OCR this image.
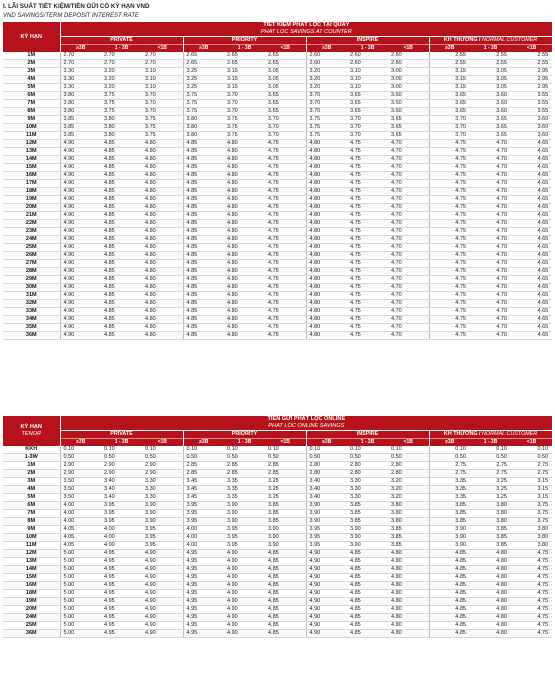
I. LÃI SUẤT TIẾT KIỆM/TIỀN GỬI CÓ KỲ HẠN VND
VND SAVINGS/TERM DEPOSIT INTEREST RATE
KỲ HẠN	TIẾT KIỆM PHÁT LỘC TẠI QUẦY
PHAT LOC SAVINGS AT COUNTER											

	PRIVATE			PRIORITY			INSPIRE			KH THƯỜNG / NORMAL CUSTOMER		
	≥3B	1 - 3B	<1B	≥3B	1 - 3B	<1B	≥3B	1 - 3B	<1B	≥3B	1 - 3B	<1B
1M	2.70	2.70	2.70	2.65	2.65	2.65	2.60	2.60	2.60	2.55	2.55	2.55
2M	2.70	2.70	2.70	2.65	2.65	2.65	2.60	2.60	2.60	2.55	2.55	2.55
3M	3.30	3.20	3.10	3.25	3.15	3.05	3.20	3.10	3.00	3.15	3.05	2.95
4M	3.30	3.20	3.10	3.25	3.15	3.05	3.20	3.10	3.00	3.15	3.05	2.95
5M	3.30	3.20	3.10	3.25	3.15	3.05	3.20	3.10	3.00	3.15	3.05	2.95
6M	3.80	3.75	3.70	3.75	3.70	3.65	3.70	3.65	3.60	3.65	3.60	3.55
7M	3.80	3.75	3.70	3.75	3.70	3.65	3.70	3.65	3.60	3.65	3.60	3.55
8M	3.80	3.75	3.70	3.75	3.70	3.65	3.70	3.65	3.60	3.65	3.60	3.55
9M	3.85	3.80	3.75	3.80	3.75	3.70	3.75	3.70	3.65	3.70	3.65	3.60
10M	3.85	3.80	3.75	3.80	3.75	3.70	3.75	3.70	3.65	3.70	3.65	3.60
11M	3.85	3.80	3.75	3.80	3.75	3.70	3.75	3.70	3.65	3.70	3.65	3.60
12M	4.90	4.85	4.80	4.85	4.80	4.75	4.80	4.75	4.70	4.75	4.70	4.65
13M	4.90	4.85	4.80	4.85	4.80	4.75	4.80	4.75	4.70	4.75	4.70	4.65
14M	4.90	4.85	4.80	4.85	4.80	4.75	4.80	4.75	4.70	4.75	4.70	4.65
15M	4.90	4.85	4.80	4.85	4.80	4.75	4.80	4.75	4.70	4.75	4.70	4.65
16M	4.90	4.85	4.80	4.85	4.80	4.75	4.80	4.75	4.70	4.75	4.70	4.65
17M	4.90	4.85	4.80	4.85	4.80	4.75	4.80	4.75	4.70	4.75	4.70	4.65
18M	4.90	4.85	4.80	4.85	4.80	4.75	4.80	4.75	4.70	4.75	4.70	4.65
19M	4.90	4.85	4.80	4.85	4.80	4.75	4.80	4.75	4.70	4.75	4.70	4.65
20M	4.90	4.85	4.80	4.85	4.80	4.75	4.80	4.75	4.70	4.75	4.70	4.65
21M	4.90	4.85	4.80	4.85	4.80	4.75	4.80	4.75	4.70	4.75	4.70	4.65
22M	4.90	4.85	4.80	4.85	4.80	4.75	4.80	4.75	4.70	4.75	4.70	4.65
23M	4.90	4.85	4.80	4.85	4.80	4.75	4.80	4.75	4.70	4.75	4.70	4.65
24M	4.90	4.85	4.80	4.85	4.80	4.75	4.80	4.75	4.70	4.75	4.70	4.65
25M	4.90	4.85	4.80	4.85	4.80	4.75	4.80	4.75	4.70	4.75	4.70	4.65
26M	4.90	4.85	4.80	4.85	4.80	4.75	4.80	4.75	4.70	4.75	4.70	4.65
27M	4.90	4.85	4.80	4.85	4.80	4.75	4.80	4.75	4.70	4.75	4.70	4.65
28M	4.90	4.85	4.80	4.85	4.80	4.75	4.80	4.75	4.70	4.75	4.70	4.65
29M	4.90	4.85	4.80	4.85	4.80	4.75	4.80	4.75	4.70	4.75	4.70	4.65
30M	4.90	4.85	4.80	4.85	4.80	4.75	4.80	4.75	4.70	4.75	4.70	4.65
31M	4.90	4.85	4.80	4.85	4.80	4.75	4.80	4.75	4.70	4.75	4.70	4.65
32M	4.90	4.85	4.80	4.85	4.80	4.75	4.80	4.75	4.70	4.75	4.70	4.65
33M	4.90	4.85	4.80	4.85	4.80	4.75	4.80	4.75	4.70	4.75	4.70	4.65
34M	4.90	4.85	4.80	4.85	4.80	4.75	4.80	4.75	4.70	4.75	4.70	4.65
35M	4.90	4.85	4.80	4.85	4.80	4.75	4.80	4.75	4.70	4.75	4.70	4.65
36M	4.90	4.85	4.80	4.85	4.80	4.75	4.80	4.75	4.70	4.75	4.70	4.65
KỲ HẠN
TENOR	TIỀN GỬI PHÁT LỘC ONLINE
PHAT LOC ONLINE SAVINGS											

	PRIVATE			PRIORITY			INSPIRE			KH THƯỜNG / NORMAL CUSTOMER		
	≥3B	1 - 3B	<1B	≥3B	1 - 3B	<1B	≥3B	1 - 3B	<1B	≥3B	1 - 3B	<1B
KKH	0.10	0.10	0.10	0.10	0.10	0.10	0.10	0.10	0.10	0.10	0.10	0.10
1-3W	0.50	0.50	0.50	0.50	0.50	0.50	0.50	0.50	0.50	0.50	0.50	0.50
1M	2.90	2.90	2.90	2.85	2.85	2.85	2.80	2.80	2.80	2.75	2.75	2.75
2M	2.90	2.90	2.90	2.85	2.85	2.85	2.80	2.80	2.80	2.75	2.75	2.75
3M	3.50	3.40	3.30	3.45	3.35	3.25	3.40	3.30	3.20	3.35	3.25	3.15
4M	3.50	3.40	3.30	3.45	3.35	3.25	3.40	3.30	3.20	3.35	3.25	3.15
5M	3.50	3.40	3.30	3.45	3.35	3.25	3.40	3.30	3.20	3.35	3.25	3.15
6M	4.00	3.95	3.90	3.95	3.90	3.85	3.90	3.85	3.80	3.85	3.80	3.75
7M	4.00	3.95	3.90	3.95	3.90	3.85	3.90	3.85	3.80	3.85	3.80	3.75
8M	4.00	3.95	3.90	3.95	3.90	3.85	3.90	3.85	3.80	3.85	3.80	3.75
9M	4.05	4.00	3.95	4.00	3.95	3.90	3.95	3.90	3.85	3.90	3.85	3.80
10M	4.05	4.00	3.95	4.00	3.95	3.90	3.95	3.90	3.85	3.90	3.85	3.80
11M	4.05	4.00	3.95	4.00	3.95	3.90	3.95	3.90	3.85	3.90	3.85	3.80
12M	5.00	4.95	4.90	4.95	4.90	4.85	4.90	4.85	4.80	4.85	4.80	4.75
13M	5.00	4.95	4.90	4.95	4.90	4.85	4.90	4.85	4.80	4.85	4.80	4.75
14M	5.00	4.95	4.90	4.95	4.90	4.85	4.90	4.85	4.80	4.85	4.80	4.75
15M	5.00	4.95	4.90	4.95	4.90	4.85	4.90	4.85	4.80	4.85	4.80	4.75
16M	5.00	4.95	4.90	4.95	4.90	4.85	4.90	4.85	4.80	4.85	4.80	4.75
18M	5.00	4.95	4.90	4.95	4.90	4.85	4.90	4.85	4.80	4.85	4.80	4.75
19M	5.00	4.95	4.90	4.95	4.90	4.85	4.90	4.85	4.80	4.85	4.80	4.75
20M	5.00	4.95	4.90	4.95	4.90	4.85	4.90	4.85	4.80	4.85	4.80	4.75
24M	5.00	4.95	4.90	4.95	4.90	4.85	4.90	4.85	4.80	4.85	4.80	4.75
25M	5.00	4.95	4.90	4.95	4.90	4.85	4.90	4.85	4.80	4.85	4.80	4.75
36M	5.00	4.95	4.90	4.95	4.90	4.85	4.90	4.85	4.80	4.85	4.80	4.75
